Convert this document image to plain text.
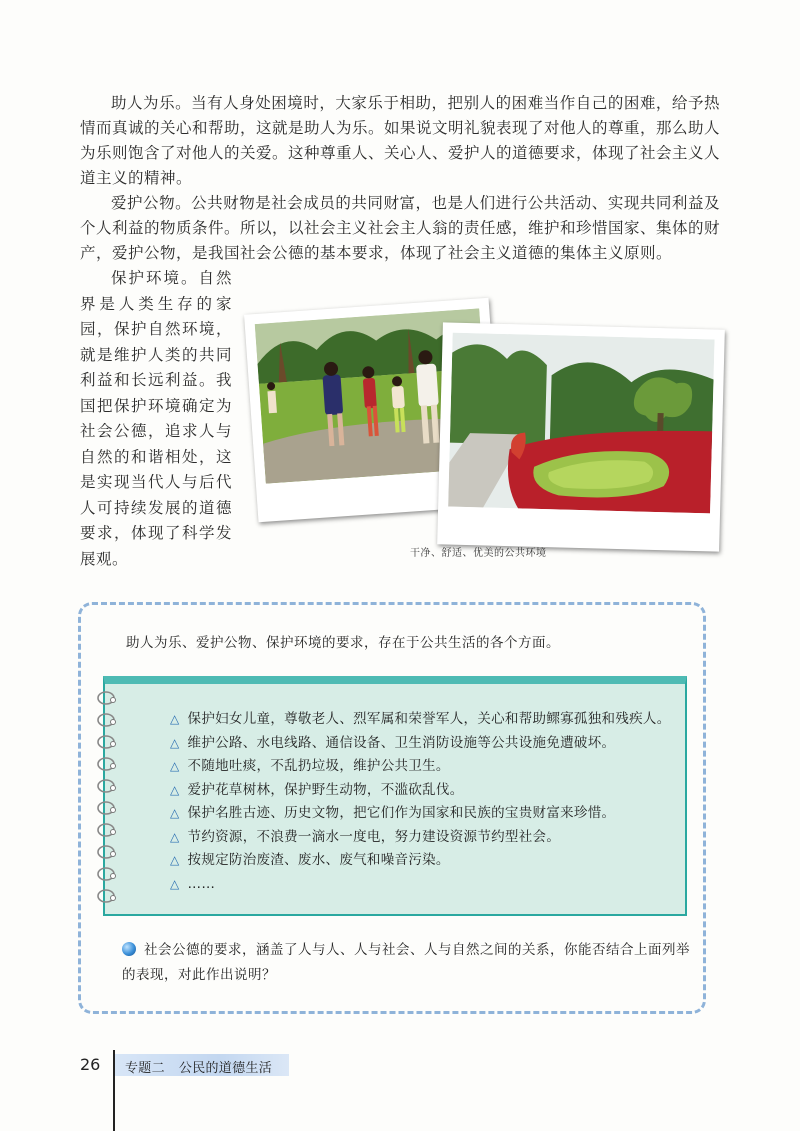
助人为乐。当有人身处困境时，大家乐于相助，把别人的困难当作自己的困难，给予热情而真诚的关心和帮助，这就是助人为乐。如果说文明礼貌表现了对他人的尊重，那么助人为乐则饱含了对他人的关爱。这种尊重人、关心人、爱护人的道德要求，体现了社会主义人道主义的精神。
爱护公物。公共财物是社会成员的共同财富，也是人们进行公共活动、实现共同利益及个人利益的物质条件。所以，以社会主义社会主人翁的责任感，维护和珍惜国家、集体的财产，爱护公物，是我国社会公德的基本要求，体现了社会主义道德的集体主义原则。
保护环境。自然界是人类生存的家园，保护自然环境，就是维护人类的共同利益和长远利益。我国把保护环境确定为社会公德，追求人与自然的和谐相处，这是实现当代人与后代人可持续发展的道德要求，体现了科学发展观。	干净、舒适、优美的公共环境
助人为乐、爱护公物、保护环境的要求，存在于公共生活的各个方面。
△ 保护妇女儿童，尊敬老人、烈军属和荣誉军人，关心和帮助鳏寡孤独和残疾人。
△ 维护公路、水电线路、通信设备、卫生消防设施等公共设施免遭破坏。
△ 不随地吐痰，不乱扔垃圾，维护公共卫生。
△ 爱护花草树林，保护野生动物，不滥砍乱伐。
△ 保护名胜古迹、历史文物，把它们作为国家和民族的宝贵财富来珍惜。
△ 节约资源，不浪费一滴水一度电，努力建设资源节约型社会。
△ 按规定防治废渣、废水、废气和噪音污染。
△ ……
社会公德的要求，涵盖了人与人、人与社会、人与自然之间的关系，你能否结合上面列举的表现，对此作出说明？
26 专题二 公民的道德生活
